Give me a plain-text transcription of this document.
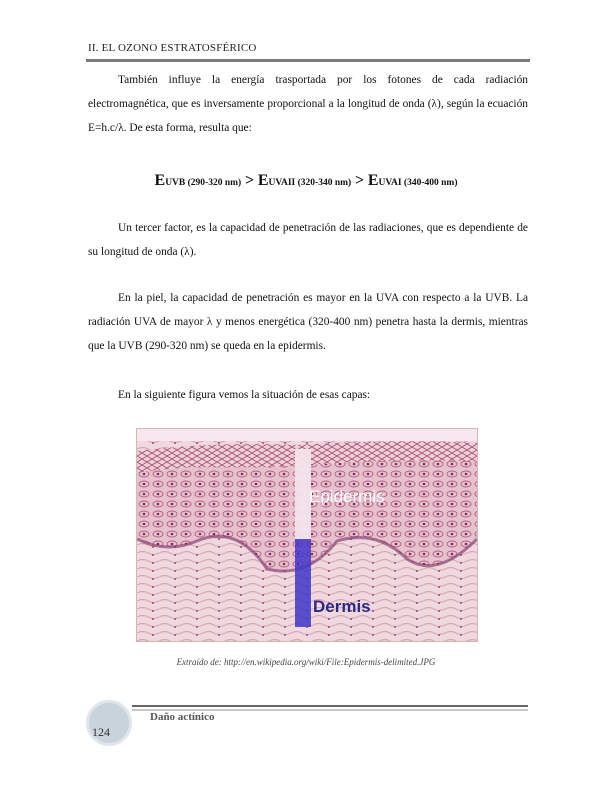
II. EL OZONO ESTRATOSFÉRICO
También influye la energía trasportada por los fotones de cada radiación electromagnética, que es inversamente proporcional a la longitud de onda (λ), según la ecuación E=h.c/λ. De esta forma, resulta que:
EUVB (290-320 nm) > EUVAII (320-340 nm) > EUVAI (340-400 nm)
Un tercer factor, es la capacidad de penetración de las radiaciones, que es dependiente de su longitud de onda (λ).
En la piel, la capacidad de penetración es mayor en la UVA con respecto a la UVB. La radiación UVA de mayor λ y menos energética (320-400 nm) penetra hasta la dermis, mientras que la UVB (290-320 nm) se queda en la epidermis.
En la siguiente figura vemos la situación de esas capas:
Epidermis
Dermis
Extraído de: http://en.wikipedia.org/wiki/File:Epidermis-delimited.JPG
124
Daño actínico
